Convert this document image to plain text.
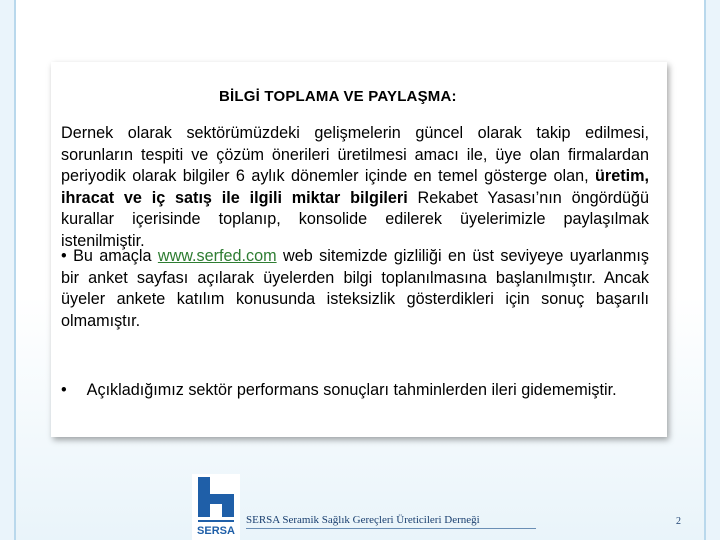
BİLGİ TOPLAMA VE PAYLAŞMA:
Dernek olarak sektörümüzdeki gelişmelerin güncel olarak takip edilmesi, sorunların tespiti ve çözüm önerileri üretilmesi amacı ile, üye olan firmalardan periyodik olarak bilgiler 6 aylık dönemler içinde en temel gösterge olan, üretim, ihracat ve iç satış ile ilgili miktar bilgileri Rekabet Yasası’nın öngördüğü kurallar içerisinde toplanıp, konsolide edilerek üyelerimizle paylaşılmak istenilmiştir.
• Bu amaçla www.serfed.com web sitemizde gizliliği en üst seviyeye uyarlanmış bir anket sayfası açılarak üyelerden bilgi toplanılmasına başlanılmıştır. Ancak üyeler ankete katılım konusunda isteksizlik gösterdikleri için sonuç başarılı olmamıştır.
• Açıkladığımız sektör performans sonuçları tahminlerden ileri gidememiştir.
SERSA
SERSA Seramik Sağlık Gereçleri Üreticileri Derneği	2
